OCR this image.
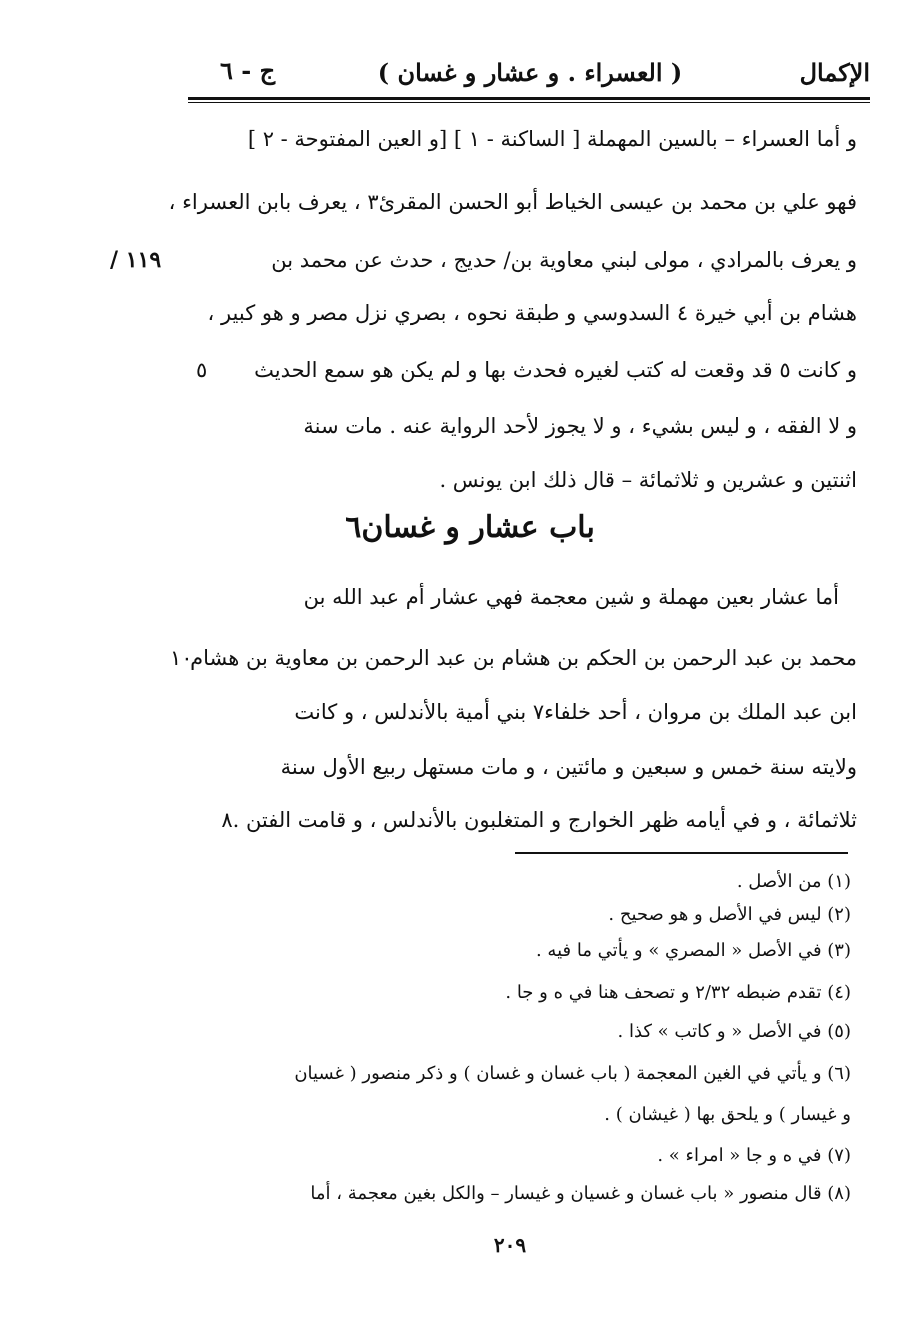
الإكمال
( العسراء . و عشار و غسان )
ج - ٦
و أما العسراء – بالسين المهملة [ الساكنة - ١ ] [و العين المفتوحة - ٢ ]
فهو علي بن محمد بن عيسى الخياط أبو الحسن المقرئ٣ ، يعرف بابن العسراء ،
و يعرف بالمرادي ، مولى لبني معاوية بن/ حديج ، حدث عن محمد بن
هشام بن أبي خيرة ٤ السدوسي و طبقة نحوه ، بصري نزل مصر و هو كبير ،
و كانت ٥ قد وقعت له كتب لغيره فحدث بها و لم يكن هو سمع الحديث
و لا الفقه ، و ليس بشيء ، و لا يجوز لأحد الرواية عنه . مات سنة
اثنتين و عشرين و ثلاثمائة – قال ذلك ابن يونس .
١١٩ /
٥
١٠
باب عشار و غسان٦
أما عشار بعين مهملة و شين معجمة فهي عشار أم عبد الله بن
محمد بن عبد الرحمن بن الحكم بن هشام بن عبد الرحمن بن معاوية بن هشام
ابن عبد الملك بن مروان ، أحد خلفاء٧ بني أمية بالأندلس ، و كانت
ولايته سنة خمس و سبعين و مائتين ، و مات مستهل ربيع الأول سنة
ثلاثمائة ، و في أيامه ظهر الخوارج و المتغلبون بالأندلس ، و قامت الفتن .٨
(١) من الأصل .
(٢) ليس في الأصل و هو صحيح .
(٣) في الأصل « المصري » و يأتي ما فيه .
(٤) تقدم ضبطه ٢/٣٢ و تصحف هنا في ه و جا .
(٥) في الأصل « و كاتب » كذا .
(٦) و يأتي في الغين المعجمة ( باب غسان و غسان ) و ذكر منصور ( غسيان
و غيسار ) و يلحق بها ( غيشان ) .
(٧) في ه و جا « امراء » .
(٨) قال منصور « باب غسان و غسيان و غيسار – والكل بغين معجمة ، أما
٢٠٩
